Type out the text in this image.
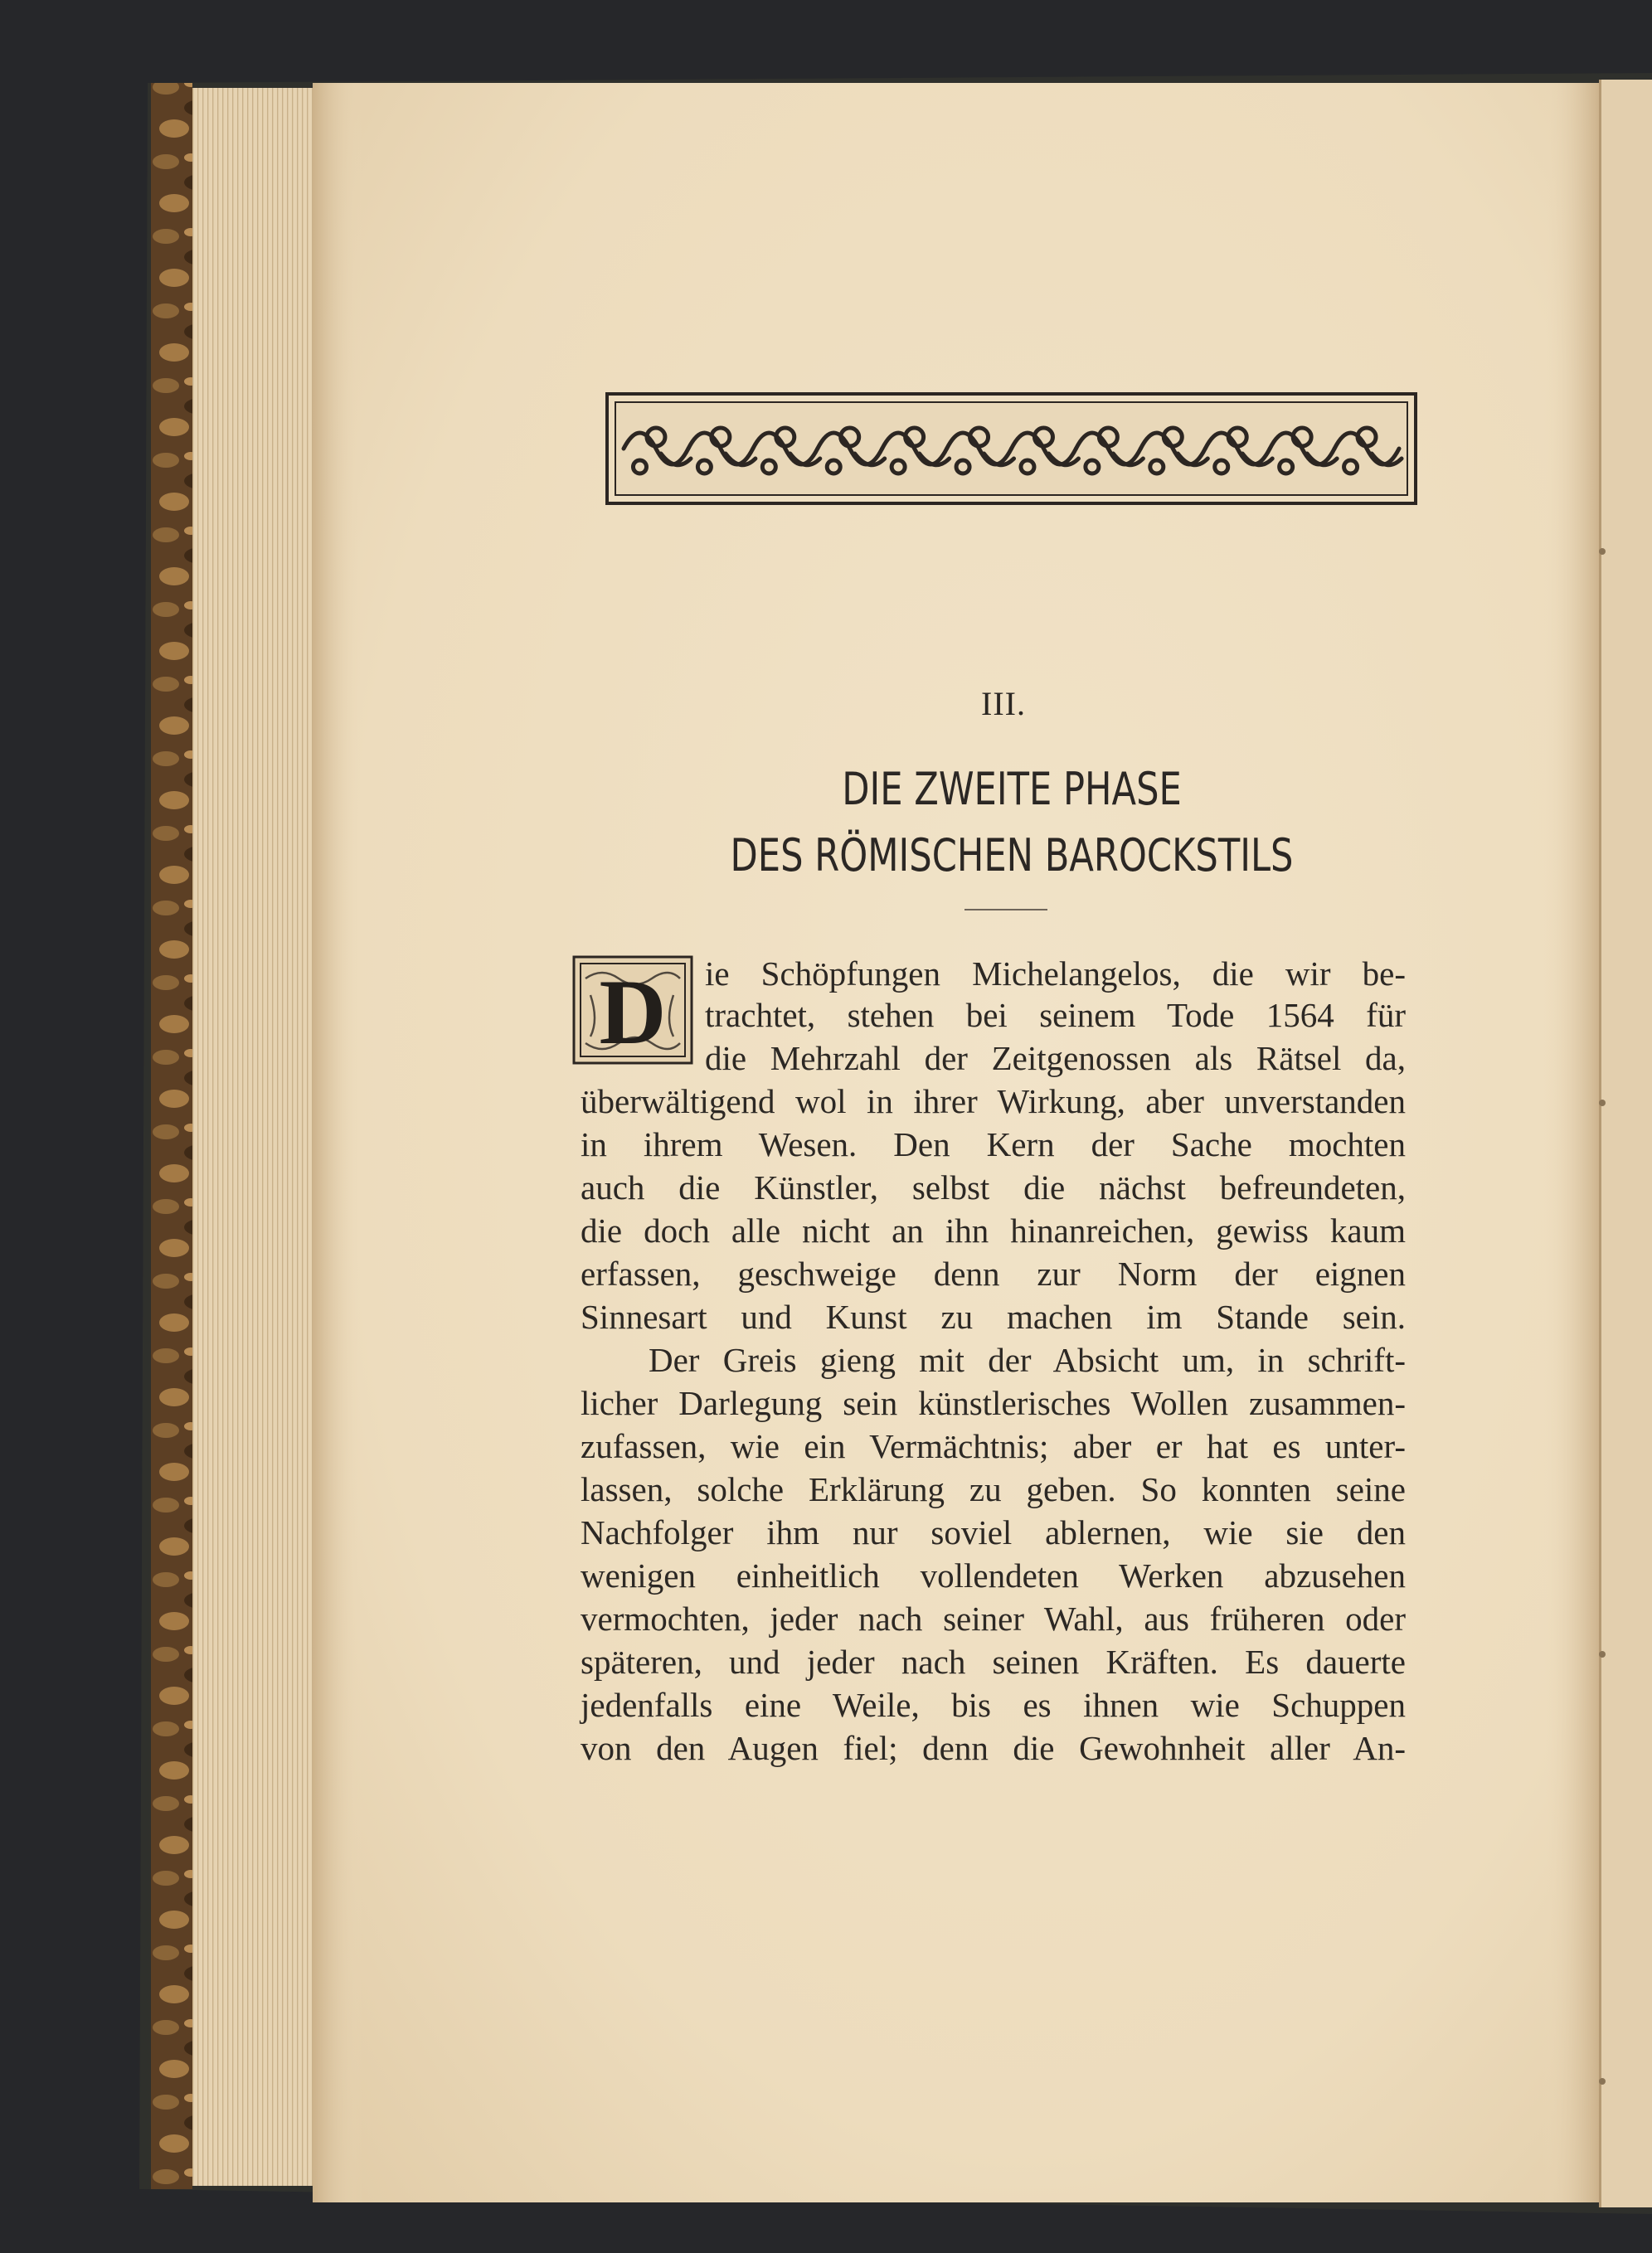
D
III.
DIE ZWEITE PHASE
DES RÖMISCHEN BAROCKSTILS
ie Schöpfungen Michelangelos, die wir be-
trachtet, stehen bei seinem Tode 1564 für
die Mehrzahl der Zeitgenossen als Rätsel da,
überwältigend wol in ihrer Wirkung, aber unverstanden
in ihrem Wesen. Den Kern der Sache mochten
auch die Künstler, selbst die nächst befreundeten,
die doch alle nicht an ihn hinanreichen, gewiss kaum
erfassen, geschweige denn zur Norm der eignen
Sinnesart und Kunst zu machen im Stande sein.
Der Greis gieng mit der Absicht um, in schrift-
licher Darlegung sein künstlerisches Wollen zusammen-
zufassen, wie ein Vermächtnis; aber er hat es unter-
lassen, solche Erklärung zu geben. So konnten seine
Nachfolger ihm nur soviel ablernen, wie sie den
wenigen einheitlich vollendeten Werken abzusehen
vermochten, jeder nach seiner Wahl, aus früheren oder
späteren, und jeder nach seinen Kräften. Es dauerte
jedenfalls eine Weile, bis es ihnen wie Schuppen
von den Augen fiel; denn die Gewohnheit aller An-
